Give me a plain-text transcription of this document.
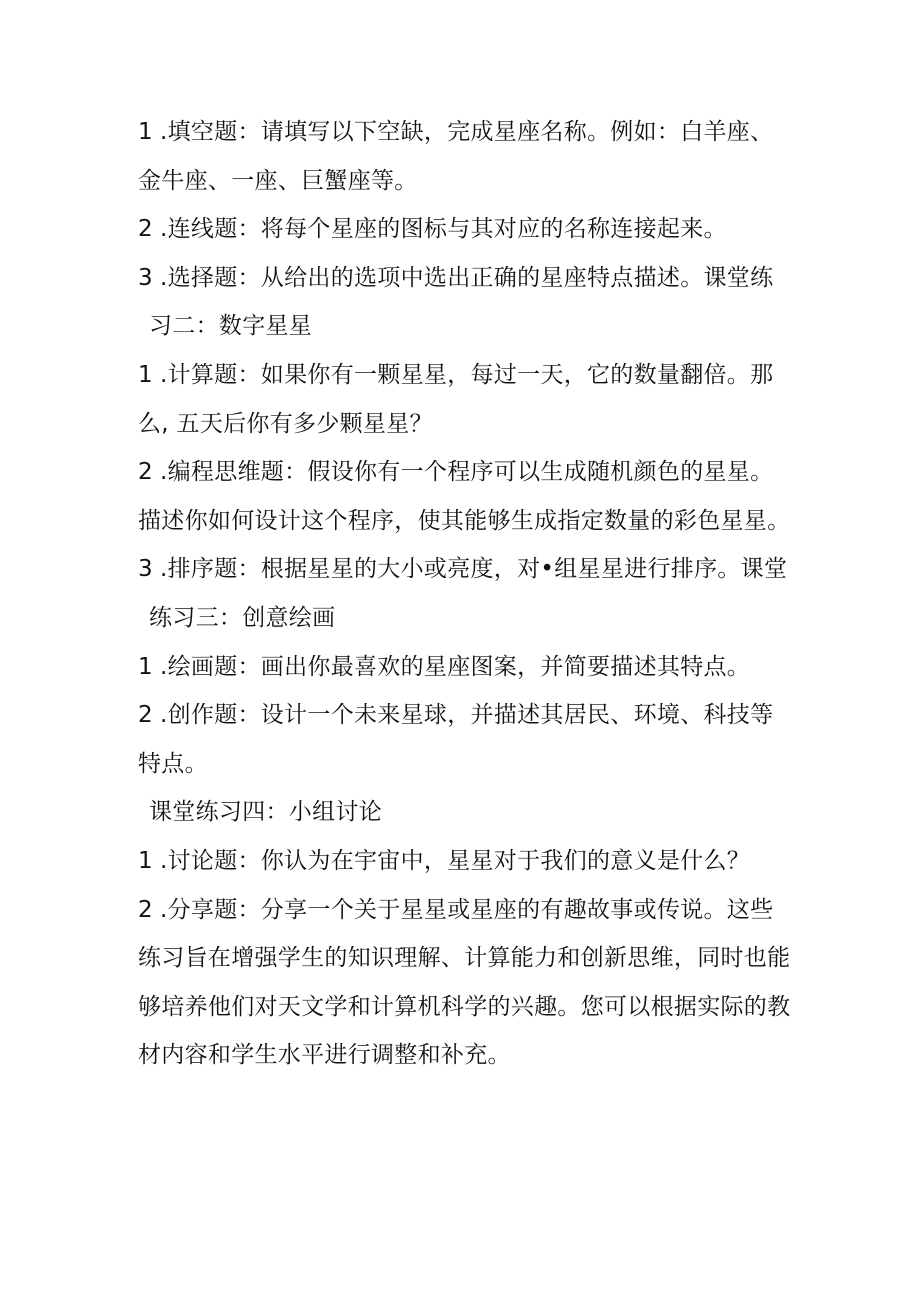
1 .填空题：请填写以下空缺，完成星座名称。例如：白羊座、
金牛座、一座、巨蟹座等。
2 .连线题：将每个星座的图标与其对应的名称连接起来。
3 .选择题：从给出的选项中选出正确的星座特点描述。课堂练
习二：数字星星
1 .计算题：如果你有一颗星星，每过一天，它的数量翻倍。那
么, 五天后你有多少颗星星？
2 .编程思维题：假设你有一个程序可以生成随机颜色的星星。
描述你如何设计这个程序，使其能够生成指定数量的彩色星星。
3 .排序题：根据星星的大小或亮度，对•组星星进行排序。课堂
练习三：创意绘画
1 .绘画题：画出你最喜欢的星座图案，并简要描述其特点。
2 .创作题：设计一个未来星球，并描述其居民、环境、科技等
特点。
课堂练习四：小组讨论
1 .讨论题：你认为在宇宙中，星星对于我们的意义是什么？
2 .分享题：分享一个关于星星或星座的有趣故事或传说。这些
练习旨在增强学生的知识理解、计算能力和创新思维，同时也能
够培养他们对天文学和计算机科学的兴趣。您可以根据实际的教
材内容和学生水平进行调整和补充。
